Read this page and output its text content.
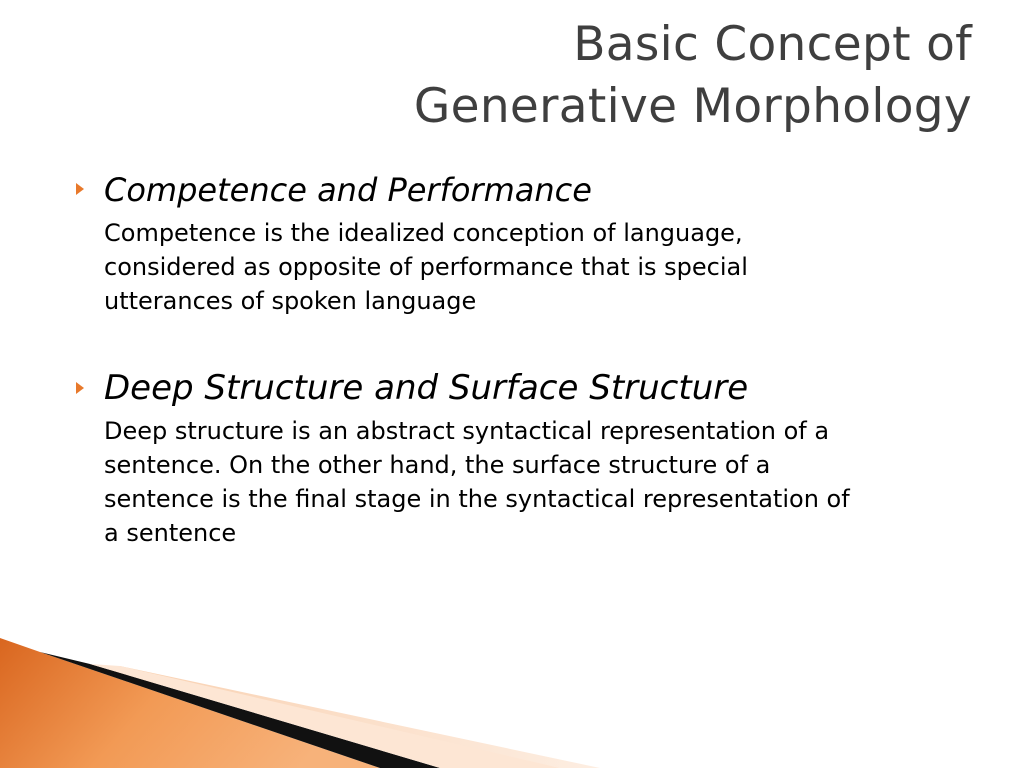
Basic Concept of
Generative Morphology
Competence and Performance
Competence is the idealized conception of language,
considered as opposite of performance that is special
utterances of spoken language
Deep Structure and Surface Structure
Deep structure is an abstract syntactical representation of a
sentence. On the other hand, the surface structure of a
sentence is the final stage in the syntactical representation of
a sentence
